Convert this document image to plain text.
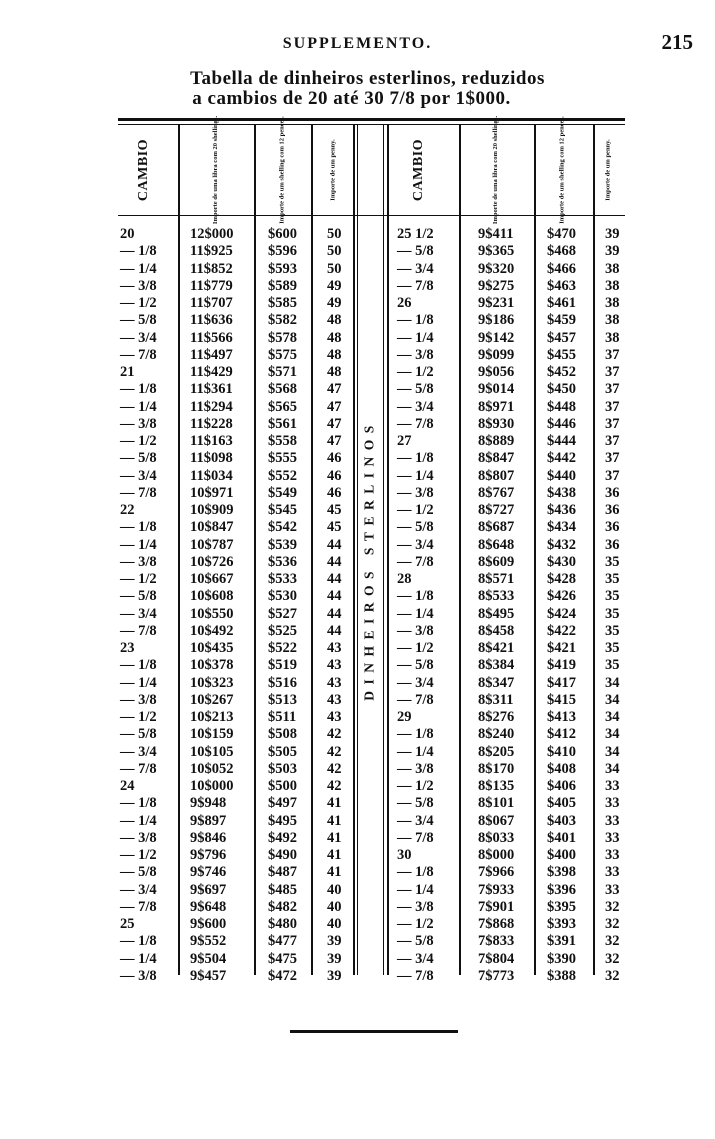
SUPPLEMENTO.	215
Tabella de dinheiros esterlinos, reduzidos
a cambios de 20 até 30 7/8 por 1$000.
CAMBIO	Importe de uma libra com 20 shellings.	Importe de um shelling com 12 pences.	Importe de um penny.	CAMBIO	Importe de uma libra com 20 shellings.	Importe de um shelling com 12 pences.	Importe de um penny.
DINHEIROS STERLINOS
20	12$000 $600 50
— 1/8 11$925 $596 50
— 1/4 11$852 $593 50
— 3/8 11$779 $589 49
— 1/2 11$707 $585 49
— 5/8 11$636 $582 48
— 3/4 11$566 $578 48
— 7/8 11$497 $575 48
21	11$429 $571 48
— 1/8 11$361 $568 47
— 1/4 11$294 $565 47
— 3/8 11$228 $561 47
— 1/2 11$163 $558 47
— 5/8 11$098 $555 46
— 3/4 11$034 $552 46
— 7/8 10$971 $549 46
22	10$909 $545 45
— 1/8 10$847 $542 45
— 1/4 10$787 $539 44
— 3/8 10$726 $536 44
— 1/2 10$667 $533 44
— 5/8 10$608 $530 44
— 3/4 10$550 $527 44
— 7/8 10$492 $525 44
23	10$435 $522 43
— 1/8 10$378 $519 43
— 1/4 10$323 $516 43
— 3/8 10$267 $513 43
— 1/2 10$213 $511 43
— 5/8 10$159 $508 42
— 3/4 10$105 $505 42
— 7/8 10$052 $503 42
24	10$000 $500 42
— 1/8 9$948	$497 41
— 1/4 9$897	$495 41
— 3/8 9$846	$492 41
— 1/2 9$796	$490 41
— 5/8 9$746	$487 41
— 3/4 9$697	$485 40
— 7/8 9$648	$482 40
25	9$600	$480 40
— 1/8 9$552	$477 39
— 1/4 9$504	$475 39
— 3/8 9$457	$472 39
25 1/2	9$411 $470 39
— 5/8	9$365 $468 39
— 3/4	9$320 $466 38
— 7/8	9$275 $463 38
26	9$231 $461 38
— 1/8	9$186 $459 38
— 1/4	9$142 $457 38
— 3/8	9$099 $455 37
— 1/2	9$056 $452 37
— 5/8	9$014 $450 37
— 3/4	8$971 $448 37
— 7/8	8$930 $446 37
27	8$889 $444 37
— 1/8	8$847 $442 37
— 1/4	8$807 $440 37
— 3/8	8$767 $438 36
— 1/2	8$727 $436 36
— 5/8	8$687 $434 36
— 3/4	8$648 $432 36
— 7/8	8$609 $430 35
28	8$571 $428 35
— 1/8	8$533 $426 35
— 1/4	8$495 $424 35
— 3/8	8$458 $422 35
— 1/2	8$421 $421 35
— 5/8	8$384 $419 35
— 3/4	8$347 $417 34
— 7/8	8$311 $415 34
29	8$276 $413 34
— 1/8	8$240 $412 34
— 1/4	8$205 $410 34
— 3/8	8$170 $408 34
— 1/2	8$135 $406 33
— 5/8	8$101 $405 33
— 3/4	8$067 $403 33
— 7/8	8$033 $401 33
30	8$000 $400 33
— 1/8	7$966 $398 33
— 1/4	7$933 $396 33
— 3/8	7$901 $395 32
— 1/2	7$868 $393 32
— 5/8	7$833 $391 32
— 3/4	7$804 $390 32
— 7/8	7$773 $388 32
